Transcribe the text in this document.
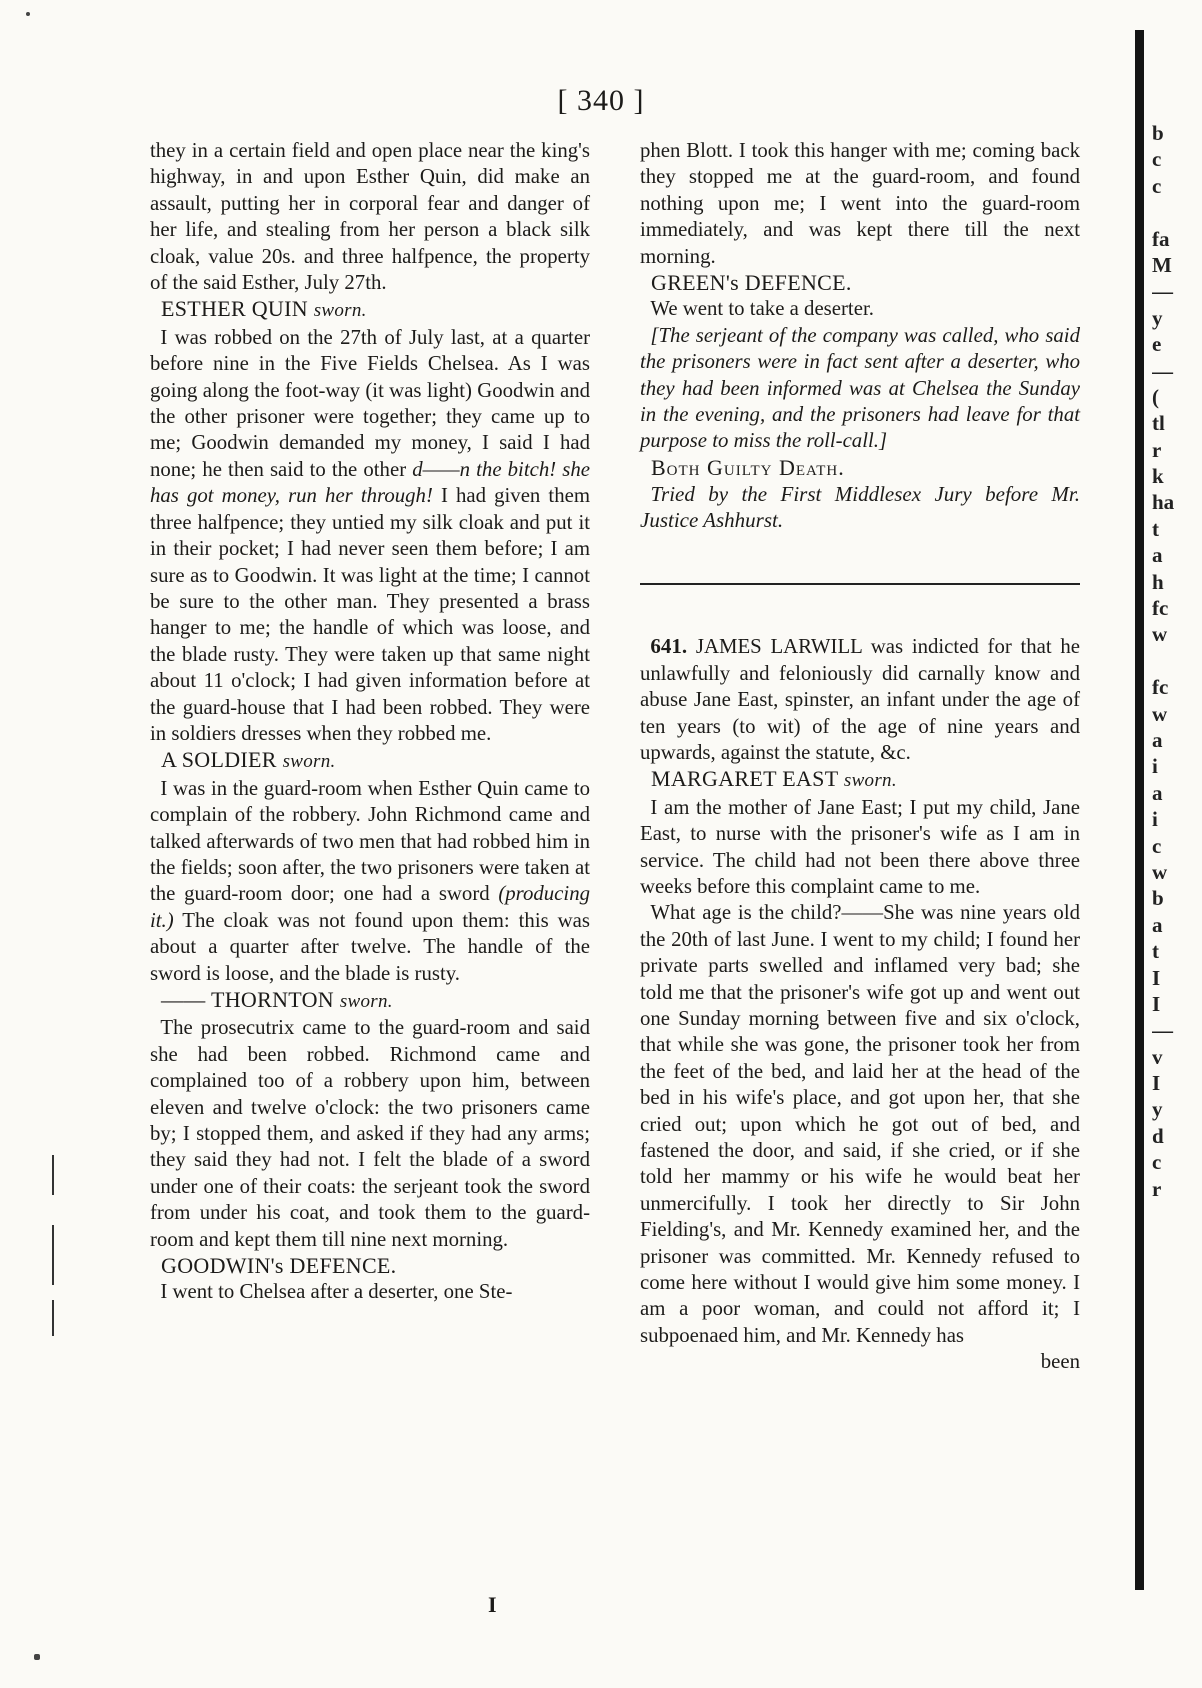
[ 340 ]

they in a certain field and open place near the king's highway, in and upon Esther Quin, did make an assault, putting her in corporal fear and danger of her life, and stealing from her person a black silk cloak, value 20s. and three halfpence, the property of the said Esther, July 27th.

ESTHER QUIN sworn.

I was robbed on the 27th of July last, at a quarter before nine in the Five Fields Chelsea. As I was going along the foot-way (it was light) Goodwin and the other prisoner were together; they came up to me; Goodwin demanded my money, I said I had none; he then said to the other d——n the bitch! she has got money, run her through! I had given them three halfpence; they untied my silk cloak and put it in their pocket; I had never seen them before; I am sure as to Goodwin. It was light at the time; I cannot be sure to the other man. They presented a brass hanger to me; the handle of which was loose, and the blade rusty. They were taken up that same night about 11 o'clock; I had given information before at the guard-house that I had been robbed. They were in soldiers dresses when they robbed me.

A SOLDIER sworn.

I was in the guard-room when Esther Quin came to complain of the robbery. John Richmond came and talked afterwards of two men that had robbed him in the fields; soon after, the two prisoners were taken at the guard-room door; one had a sword (producing it.) The cloak was not found upon them: this was about a quarter after twelve. The handle of the sword is loose, and the blade is rusty.

—— THORNTON sworn.

The prosecutrix came to the guard-room and said she had been robbed. Richmond came and complained too of a robbery upon him, between eleven and twelve o'clock: the two prisoners came by; I stopped them, and asked if they had any arms; they said they had not. I felt the blade of a sword under one of their coats: the serjeant took the sword from under his coat, and took them to the guard-room and kept them till nine next morning.

GOODWIN's DEFENCE.

I went to Chelsea after a deserter, one Ste-

phen Blott. I took this hanger with me; coming back they stopped me at the guard-room, and found nothing upon me; I went into the guard-room immediately, and was kept there till the next morning.

GREEN's DEFENCE.

We went to take a deserter.

[The serjeant of the company was called, who said the prisoners were in fact sent after a deserter, who they had been informed was at Chelsea the Sunday in the evening, and the prisoners had leave for that purpose to miss the roll-call.]

Both Guilty Death.

Tried by the First Middlesex Jury before Mr. Justice Ashhurst.

641. JAMES LARWILL was indicted for that he unlawfully and feloniously did carnally know and abuse Jane East, spinster, an infant under the age of ten years (to wit) of the age of nine years and upwards, against the statute, &c.

MARGARET EAST sworn.

I am the mother of Jane East; I put my child, Jane East, to nurse with the prisoner's wife as I am in service. The child had not been there above three weeks before this complaint came to me.

What age is the child?——She was nine years old the 20th of last June. I went to my child; I found her private parts swelled and inflamed very bad; she told me that the prisoner's wife got up and went out one Sunday morning between five and six o'clock, that while she was gone, the prisoner took her from the feet of the bed, and laid her at the head of the bed in his wife's place, and got upon her, that she cried out; upon which he got out of bed, and fastened the door, and said, if she cried, or if she told her mammy or his wife he would beat her unmercifully. I took her directly to Sir John Fielding's, and Mr. Kennedy examined her, and the prisoner was committed. Mr. Kennedy refused to come here without I would give him some money. I am a poor woman, and could not afford it; I subpoenaed him, and Mr. Kennedy has

been

I
b
c
c
fa
M
—
y
e
—
(
tl
r
k
ha
t
a
h
fc
w
fc
w
a
i
a
i
c
w
b
a
t
I
I
—
v
I
y
d
c
r
